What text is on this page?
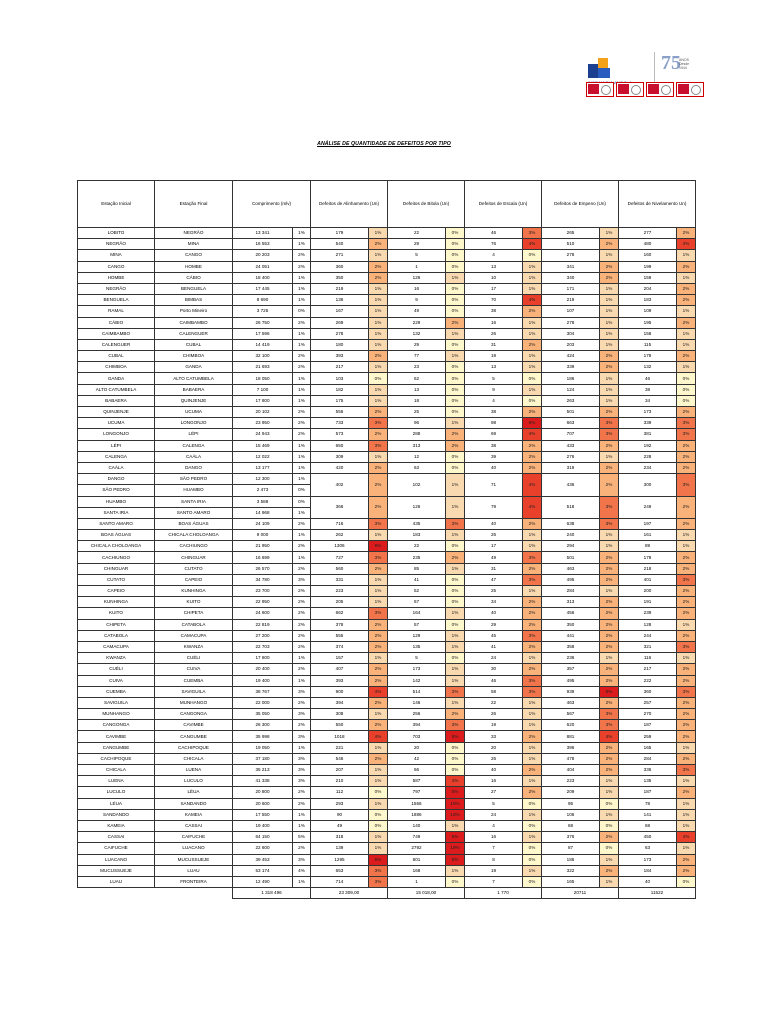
75
ANOS Desde 1944
ANÁLISE DE QUANTIDADE DE DEFEITOS POR TIPO
Estação Inicial	Estação Final	Comprimento (mlv)		Defeitos de Alinhamento (Un)		Defeitos de Bitola (Un)		Defeitos de Escala (Un)		Defeitos de Empeno (Un)		Defeitos de Nivelamento Un)	

LOBITO	NEGRÃO	13 341	1%	179	1%	22	0%	46	3%	265	1%	277	2%
NEGRÃO	MINA	16 553	1%	540	2%	29	0%	76	4%	510	2%	480	4%
MINA	CANGO	20 203	2%	271	1%	5	0%	4	0%	278	1%	160	1%
CANGO	HOMBE	24 051	2%	360	2%	1	0%	13	1%	341	2%	199	2%
HOMBE	CÁBIO	18 400	1%	350	2%	126	1%	10	1%	340	2%	159	1%
NEGRÃO	BENGUELA	17 445	1%	219	1%	16	0%	17	1%	171	1%	204	2%
BENGUELA	BIMBAS	8 690	1%	136	1%	9	0%	70	4%	219	1%	183	2%
RAMAL	Porto Mineiro	3 725	0%	167	1%	49	0%	38	2%	107	1%	109	1%
CÁBIO	CAIMBAMBO	26 750	2%	269	1%	229	2%	16	1%	278	1%	195	2%
CAIMBAMBO	CALENGUER	17 596	1%	278	1%	132	1%	26	1%	304	1%	158	1%
CALENGUER	CUBAL	14 419	1%	180	1%	29	0%	31	2%	203	1%	115	1%
CUBAL	CHIMBOA	32 100	2%	393	2%	77	1%	19	1%	424	2%	178	2%
CHIMBOA	GANDA	21 693	2%	217	1%	23	0%	13	1%	339	2%	132	1%
GANDA	ALTO CATUMBELA	18 050	1%	103	0%	62	0%	5	0%	186	1%	46	0%
ALTO CATUMBELA	BABAERA	7 100	1%	182	1%	13	0%	9	1%	124	1%	38	0%
BABAERA	QUINJENJE	17 800	1%	175	1%	18	0%	4	0%	263	1%	34	0%
QUINJENJE	UCUMA	20 102	2%	556	2%	25	0%	38	2%	501	2%	173	2%
UCUMA	LONGONJO	23 950	2%	733	3%	96	1%	98	6%	663	3%	339	3%
LONGONJO	LÉPI	24 943	2%	573	2%	288	2%	69	4%	707	3%	381	3%
LÉPI	CALENGA	15 469	1%	650	3%	313	2%	38	2%	433	2%	192	2%
CALENGA	CAÁLA	12 022	1%	309	1%	12	0%	39	2%	276	1%	228	2%
CAÁLA	DANGO	13 177	1%	420	2%	63	0%	40	2%	319	2%	234	2%
DANGO	SÃO PEDRO	12 300	1%	402	2%	102	1%	71	4%	436	2%	300	3%
SÃO PEDRO	HUAMBO	2 473	0%										
HUAMBO	SANTA IRIA	3 588	0%	366	2%	126	1%	79	4%	518	3%	249	2%
SANTA IRIA	SANTO AMARO	14 968	1%										
SANTO AMARO	BOAS ÁGUAS	24 109	2%	716	3%	435	3%	40	2%	638	3%	197	2%
BOAS ÁGUAS	CHICALA CHOLOANGA	9 000	1%	262	1%	183	1%	26	1%	240	1%	161	1%
CHICALA CHOLOANGA	CACHIUNGO	21 950	2%	1306	6%	22	0%	17	1%	294	1%	89	1%
CACHIUNGO	CHINGUAR	16 699	1%	727	3%	235	2%	49	3%	501	2%	178	2%
CHINGUAR	CUTATO	26 570	2%	560	2%	85	1%	31	2%	463	2%	218	2%
CUTATO	CAPEIO	34 780	3%	331	1%	41	0%	47	3%	495	2%	401	3%
CAPEIO	KUNHINGA	23 700	2%	223	1%	52	0%	25	1%	284	1%	200	2%
KUNHINGA	KUITO	22 950	2%	205	1%	67	0%	34	2%	313	2%	191	2%
KUITO	CHIPETA	24 600	2%	662	3%	164	1%	40	2%	456	2%	239	2%
CHIPETA	CATABOLA	22 819	2%	378	2%	57	0%	29	2%	350	2%	128	1%
CATABOLA	CAMACUPA	27 200	2%	555	2%	129	1%	45	3%	441	2%	244	2%
CAMACUPA	KWANZA	22 703	2%	374	2%	135	1%	41	2%	358	2%	321	3%
KWANZA	CUÉLI	17 600	1%	157	1%	5	0%	24	1%	236	1%	116	1%
CUÉLI	CUIVA	20 400	2%	407	2%	173	1%	30	2%	357	2%	217	2%
CUIVA	CUEMBA	19 400	1%	393	2%	142	1%	46	3%	495	2%	222	2%
CUEMBA	SAVIGUILA	38 767	3%	900	4%	514	3%	58	3%	939	5%	360	3%
SAVIGUILA	MUNHANGO	22 000	2%	394	2%	146	1%	22	1%	463	2%	257	2%
MUNHANGO	CANGONGA	35 050	3%	308	1%	256	2%	26	1%	567	3%	270	2%
CANGONGA	CAVIMBE	26 300	2%	550	2%	394	3%	19	1%	620	3%	187	2%
CAVIMBE	CANGUMBE	35 998	3%	1018	4%	703	5%	33	2%	881	4%	259	2%
CANGUMBE	CACHIPOQUE	19 050	1%	221	1%	20	0%	20	1%	396	2%	165	1%
CACHIPOQUE	CHICALA	37 180	3%	546	2%	42	0%	26	1%	478	2%	284	2%
CHICALA	LUENA	35 213	3%	207	1%	66	0%	40	2%	404	2%	336	3%
LUENA	LUCULO	41 338	3%	210	1%	587	4%	16	1%	223	1%	135	1%
LUCULO	LÉUA	20 800	2%	112	0%	797	5%	27	2%	209	1%	187	2%
LÉUA	SANDANDO	20 600	2%	293	1%	1566	10%	5	0%	95	0%	78	1%
SANDANDO	KAMEIA	17 550	1%	90	0%	1886	13%	24	1%	106	1%	141	1%
KAMEIA	CASSAI	19 400	1%	49	0%	140	1%	4	0%	68	0%	68	1%
CASSAI	CAIFUCHE	64 150	5%	318	1%	749	5%	16	1%	376	2%	450	4%
CAIFUCHE	LUACANO	22 600	2%	139	1%	2792	19%	7	0%	87	0%	63	1%
LUACANO	MUCUSSUEJE	39 453	3%	1295	6%	801	5%	8	0%	186	1%	173	2%
MUCUSSUEJE	LUAU	53 174	4%	653	3%	168	1%	19	1%	322	2%	184	2%
LUAU	FRONTEIRA	12 490	1%	714	3%	1	0%	7	0%	165	1%	40	0%
		1 318 496		23 309,00		15 018,00		1 770		20711		11522	
